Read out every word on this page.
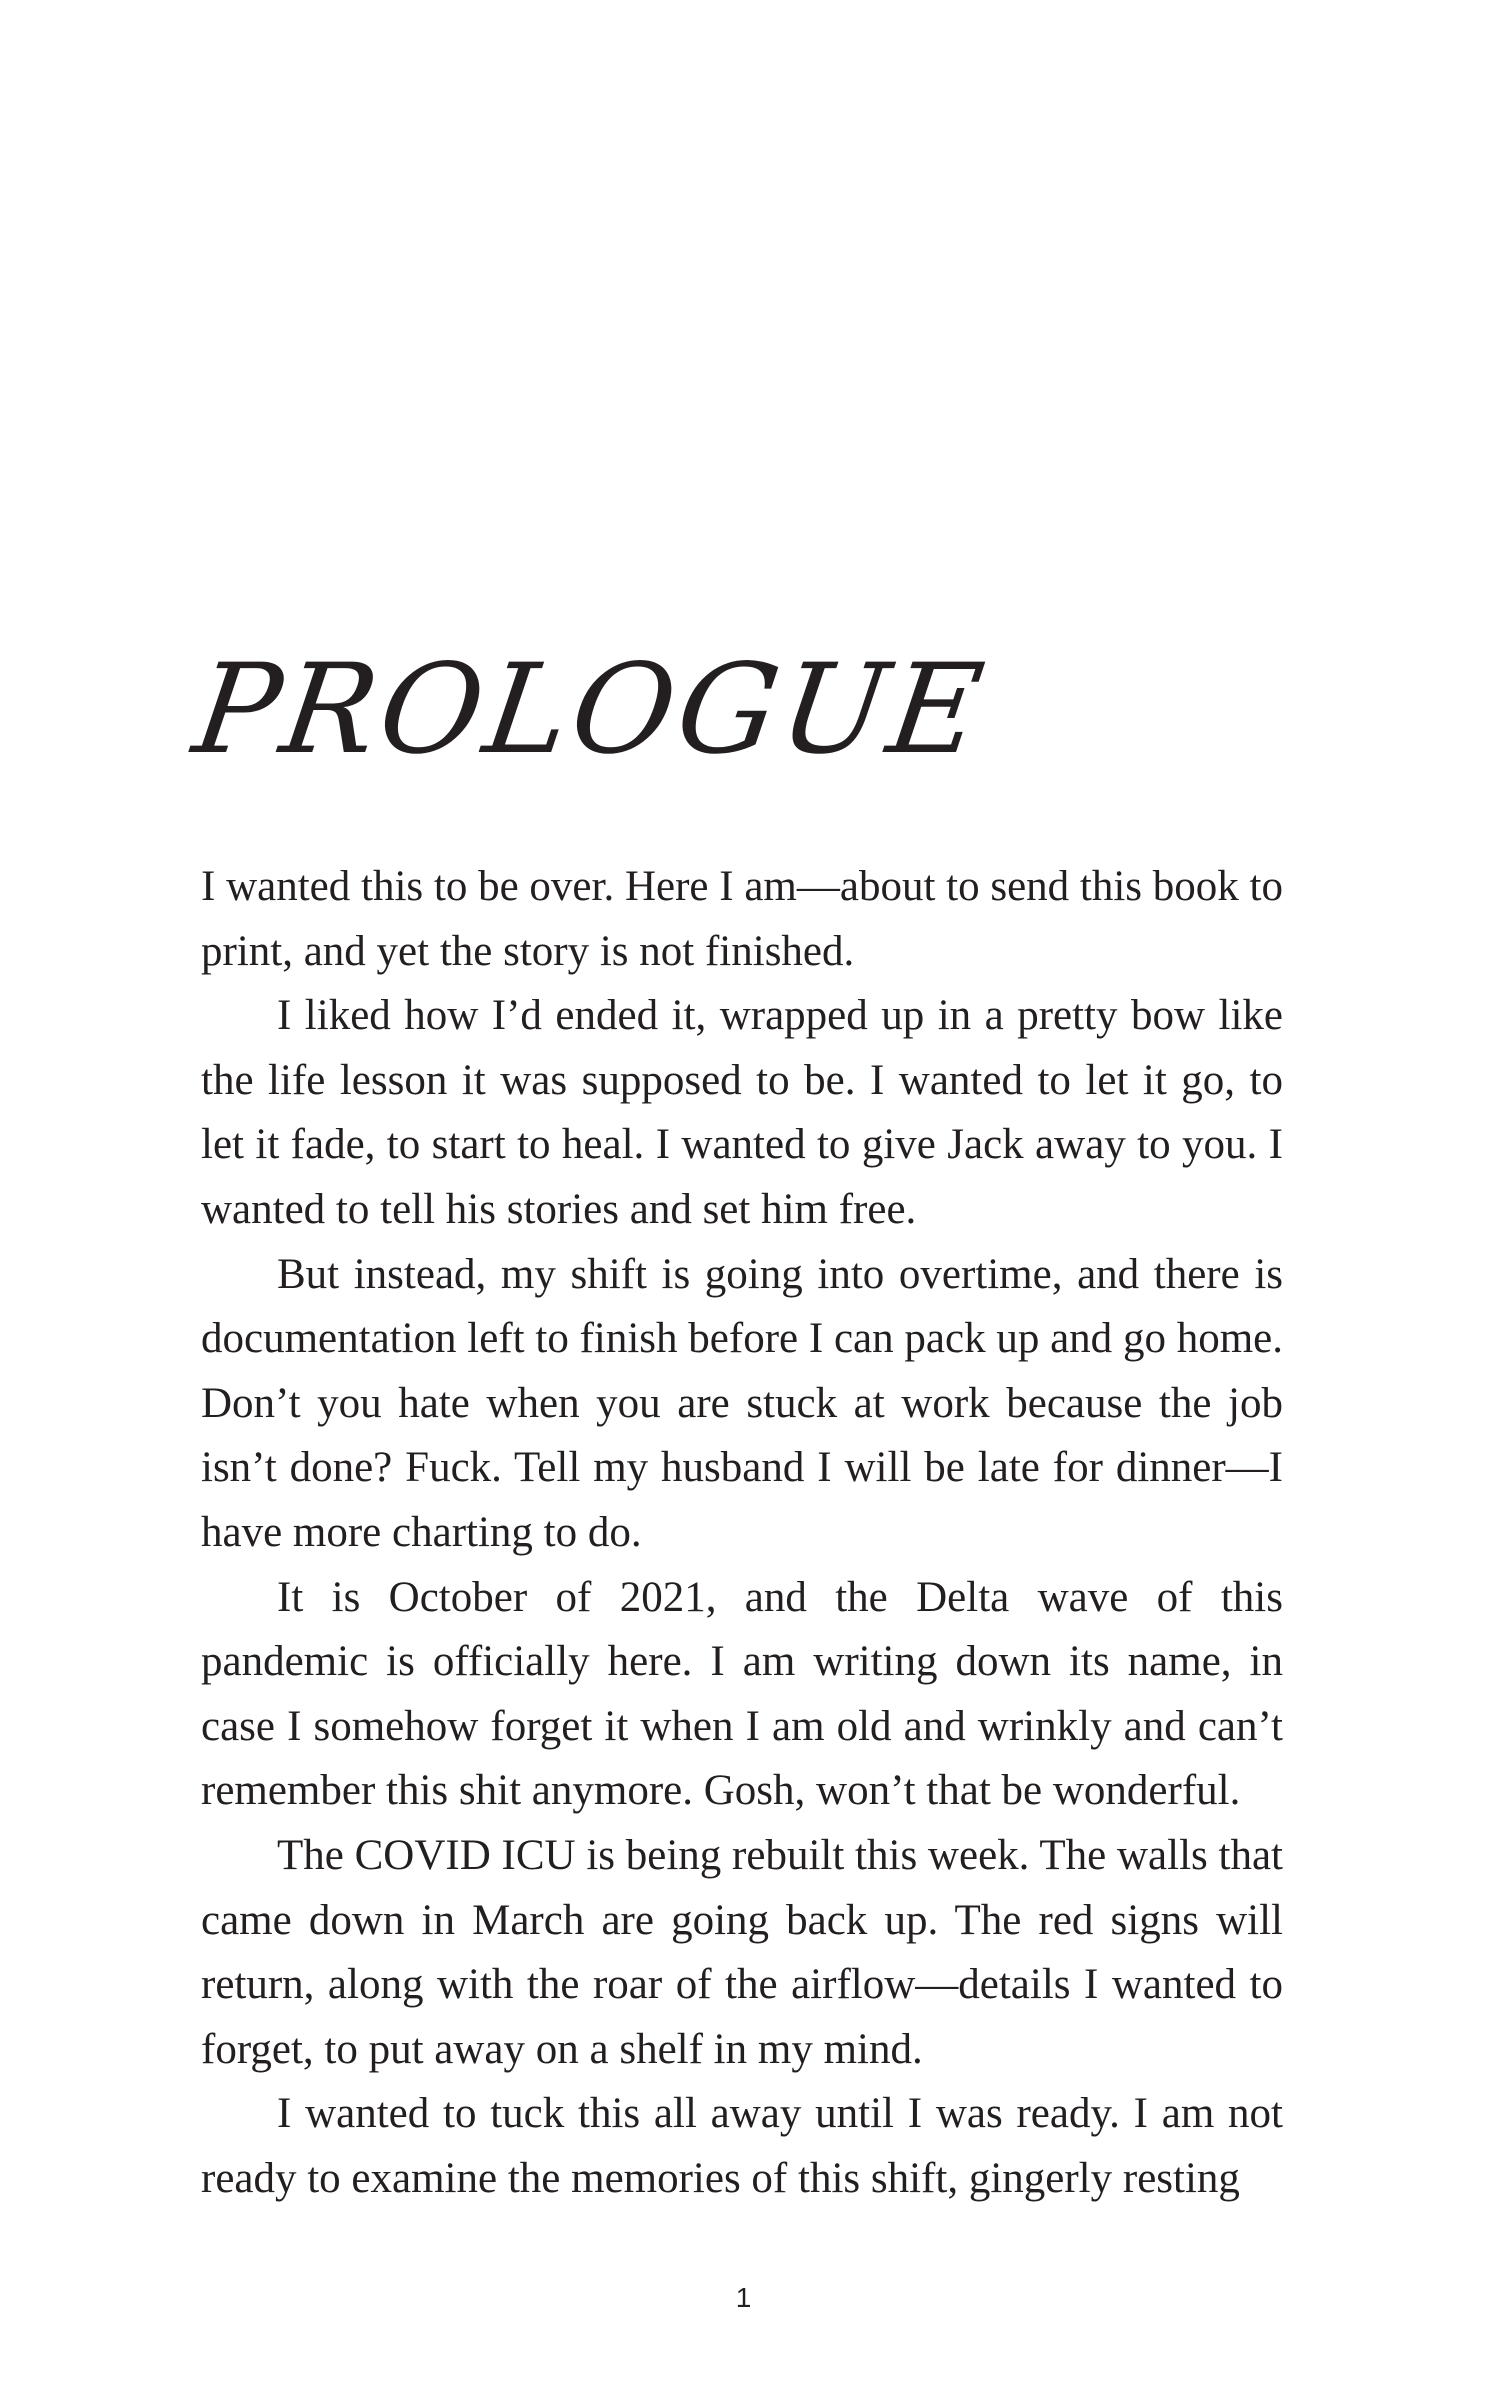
PROLOGUE

I wanted this to be over. Here I am—about to send this book to print, and yet the story is not finished.

I liked how I’d ended it, wrapped up in a pretty bow like the life lesson it was supposed to be. I wanted to let it go, to let it fade, to start to heal. I wanted to give Jack away to you. I wanted to tell his stories and set him free.

But instead, my shift is going into overtime, and there is documentation left to finish before I can pack up and go home. Don’t you hate when you are stuck at work because the job isn’t done? Fuck. Tell my husband I will be late for dinner—I have more charting to do.

It is October of 2021, and the Delta wave of this pandemic is officially here. I am writing down its name, in case I somehow forget it when I am old and wrinkly and can’t remember this shit anymore. Gosh, won’t that be wonderful.

The COVID ICU is being rebuilt this week. The walls that came down in March are going back up. The red signs will return, along with the roar of the airflow—details I wanted to forget, to put away on a shelf in my mind.

I wanted to tuck this all away until I was ready. I am not ready to examine the memories of this shift, gingerly resting

1
